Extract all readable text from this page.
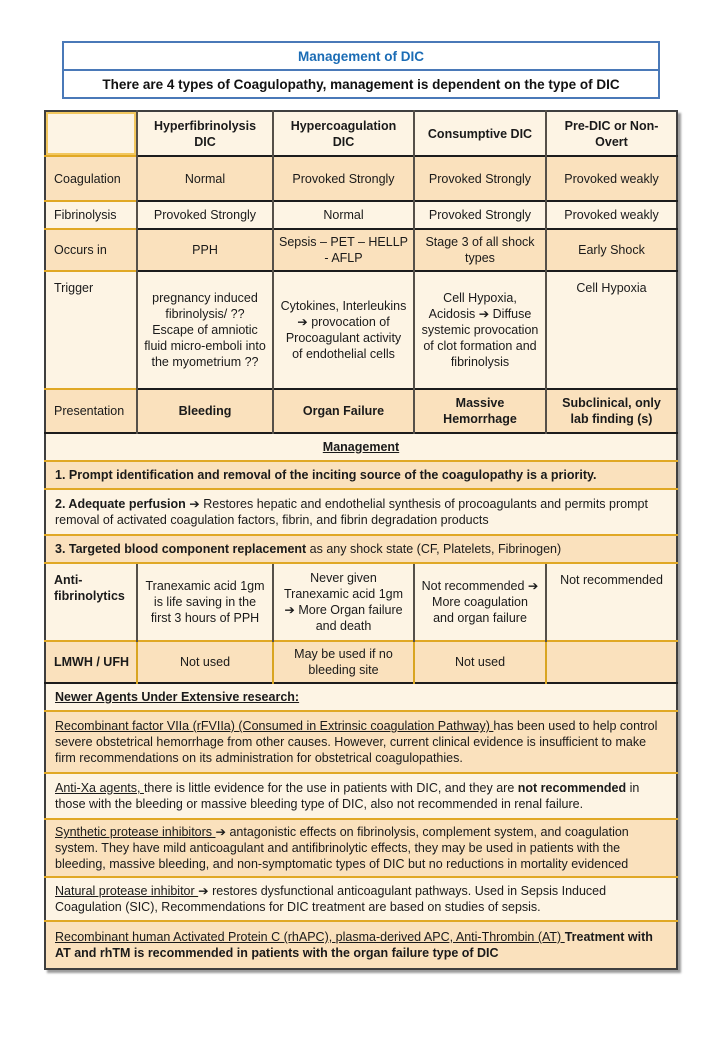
Management of DIC
There are 4 types of Coagulopathy, management is dependent on the type of DIC
	Hyperfibrinolysis DIC	Hypercoagulation DIC	Consumptive DIC	Pre-DIC or Non-Overt
Coagulation	Normal	Provoked Strongly	Provoked Strongly	Provoked weakly
Fibrinolysis	Provoked Strongly	Normal	Provoked Strongly	Provoked weakly
Occurs in	PPH	Sepsis – PET – HELLP - AFLP	Stage 3 of all shock types	Early Shock
Trigger	pregnancy induced fibrinolysis/ ?? Escape of amniotic fluid micro-emboli into the myometrium ??	Cytokines, Interleukins ➔ provocation of Procoagulant activity of endothelial cells	Cell Hypoxia, Acidosis ➔ Diffuse systemic provocation of clot formation and fibrinolysis	Cell Hypoxia
Presentation	Bleeding	Organ Failure	Massive Hemorrhage	Subclinical, only lab finding (s)
Management				
1. Prompt identification and removal of the inciting source of the coagulopathy is a priority.				
2. Adequate perfusion ➔ Restores hepatic and endothelial synthesis of procoagulants and permits prompt removal of activated coagulation factors, fibrin, and fibrin degradation products				
3. Targeted blood component replacement as any shock state (CF, Platelets, Fibrinogen)				
Anti-fibrinolytics	Tranexamic acid 1gm is life saving in the first 3 hours of PPH	Never given Tranexamic acid 1gm ➔ More Organ failure and death	Not recommended ➔ More coagulation and organ failure	Not recommended
LMWH / UFH	Not used	May be used if no bleeding site	Not used	
Newer Agents Under Extensive research:				
Recombinant factor VIIa (rFVIIa) (Consumed in Extrinsic coagulation Pathway) has been used to help control severe obstetrical hemorrhage from other causes. However, current clinical evidence is insufficient to make firm recommendations on its administration for obstetrical coagulopathies.				
Anti-Xa agents, there is little evidence for the use in patients with DIC, and they are not recommended in those with the bleeding or massive bleeding type of DIC, also not recommended in renal failure.				
Synthetic protease inhibitors ➔ antagonistic effects on fibrinolysis, complement system, and coagulation system. They have mild anticoagulant and antifibrinolytic effects, they may be used in patients with the bleeding, massive bleeding, and non-symptomatic types of DIC but no reductions in mortality evidenced				
Natural protease inhibitor ➔ restores dysfunctional anticoagulant pathways. Used in Sepsis Induced Coagulation (SIC), Recommendations for DIC treatment are based on studies of sepsis.				
Recombinant human Activated Protein C (rhAPC), plasma-derived APC, Anti-Thrombin (AT) Treatment with AT and rhTM is recommended in patients with the organ failure type of DIC				
